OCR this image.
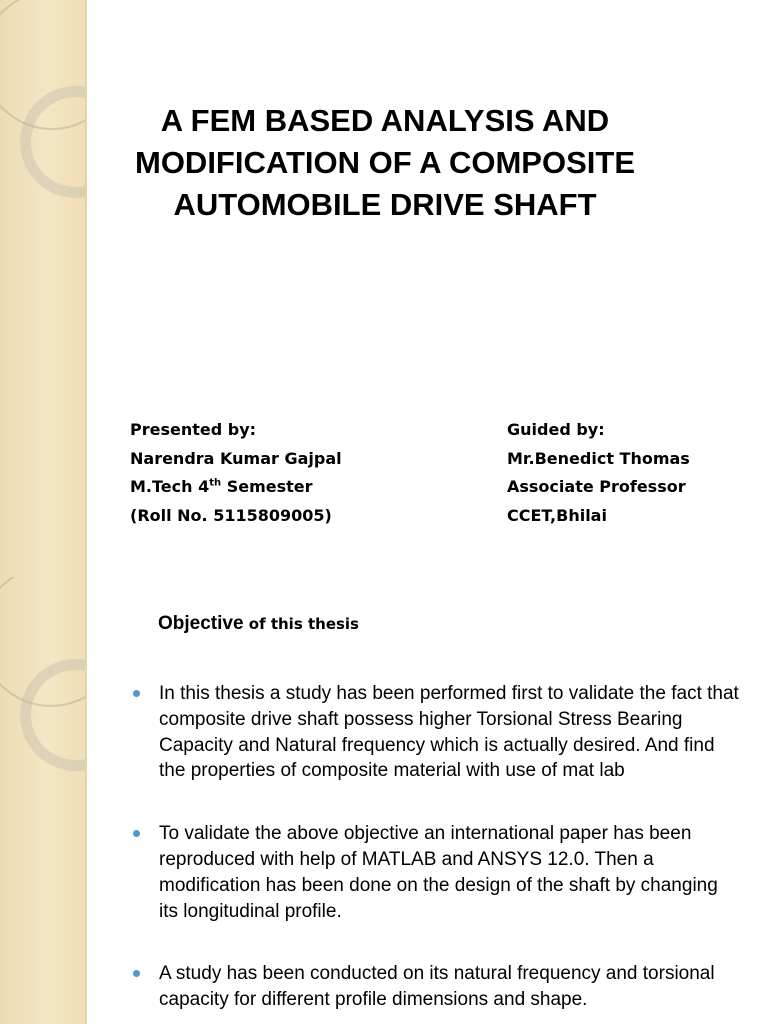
A FEM BASED ANALYSIS AND MODIFICATION OF A COMPOSITE AUTOMOBILE DRIVE SHAFT
Presented by:
Narendra Kumar Gajpal
M.Tech 4th Semester
(Roll No. 5115809005)
Guided by:
Mr.Benedict Thomas
Associate Professor
CCET,Bhilai
Objective of this thesis
In this thesis a study has been performed first to validate the fact that composite drive shaft possess higher Torsional Stress Bearing Capacity and Natural frequency which is actually desired. And find the properties of composite material with use of mat lab
To validate the above objective an international paper has been reproduced with help of MATLAB and ANSYS 12.0. Then a modification has been done on the design of the shaft by changing its longitudinal profile.
A study has been conducted on its natural frequency and torsional capacity for different profile dimensions and shape.
